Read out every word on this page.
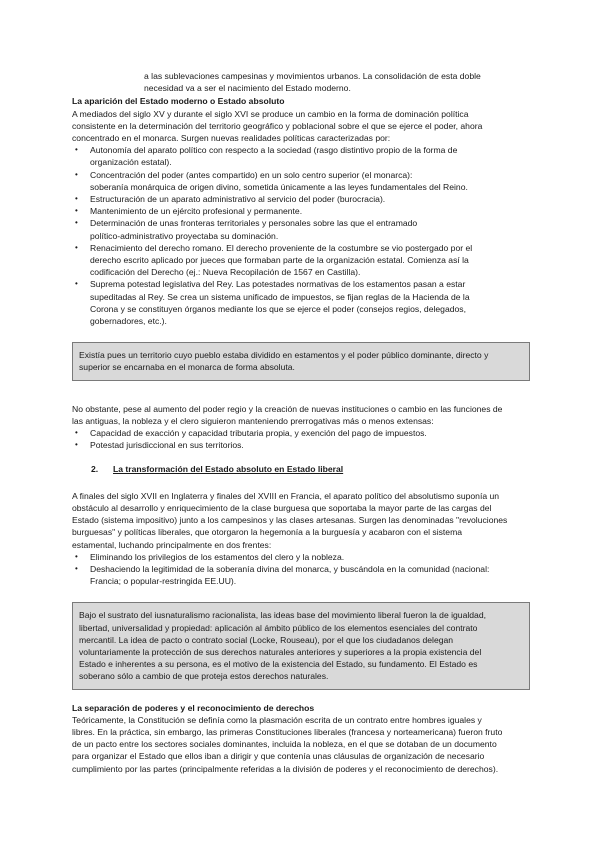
a las sublevaciones campesinas y movimientos urbanos. La consolidación de esta doble

necesidad va a ser el nacimiento del Estado moderno.

La aparición del Estado moderno o Estado absoluto

A mediados del siglo XV y durante el siglo XVI se produce un cambio en la forma de dominación política

consistente en la determinación del territorio geográfico y poblacional sobre el que se ejerce el poder, ahora

concentrado en el monarca. Surgen nuevas realidades políticas caracterizadas por:

• Autonomía del aparato político con respecto a la sociedad (rasgo distintivo propio de la forma de
organización estatal).
• Concentración del poder (antes compartido) en un solo centro superior (el monarca):
soberanía monárquica de origen divino, sometida únicamente a las leyes fundamentales del Reino.
• Estructuración de un aparato administrativo al servicio del poder (burocracia).
• Mantenimiento de un ejército profesional y permanente.
• Determinación de unas fronteras territoriales y personales sobre las que el entramado
político-administrativo proyectaba su dominación.
• Renacimiento del derecho romano. El derecho proveniente de la costumbre se vio postergado por el
derecho escrito aplicado por jueces que formaban parte de la organización estatal. Comienza así la
codificación del Derecho (ej.: Nueva Recopilación de 1567 en Castilla).
• Suprema potestad legislativa del Rey. Las potestades normativas de los estamentos pasan a estar
supeditadas al Rey. Se crea un sistema unificado de impuestos, se fijan reglas de la Hacienda de la
Corona y se constituyen órganos mediante los que se ejerce el poder (consejos regios, delegados,
gobernadores, etc.).

Existía pues un territorio cuyo pueblo estaba dividido en estamentos y el poder público dominante, directo y

superior se encarnaba en el monarca de forma absoluta.

No obstante, pese al aumento del poder regio y la creación de nuevas instituciones o cambio en las funciones de

las antiguas, la nobleza y el clero siguieron manteniendo prerrogativas más o menos extensas:

• Capacidad de exacción y capacidad tributaria propia, y exención del pago de impuestos.
• Potestad jurisdiccional en sus territorios.
2.	La transformación del Estado absoluto en Estado liberal

A finales del siglo XVII en Inglaterra y finales del XVIII en Francia, el aparato político del absolutismo suponía un

obstáculo al desarrollo y enriquecimiento de la clase burguesa que soportaba la mayor parte de las cargas del

Estado (sistema impositivo) junto a los campesinos y las clases artesanas. Surgen las denominadas "revoluciones

burguesas" y políticas liberales, que otorgaron la hegemonía a la burguesía y acabaron con el sistema

estamental, luchando principalmente en dos frentes:

• Eliminando los privilegios de los estamentos del clero y la nobleza.
• Deshaciendo la legitimidad de la soberanía divina del monarca, y buscándola en la comunidad (nacional:
Francia; o popular-restringida EE.UU).

Bajo el sustrato del iusnaturalismo racionalista, las ideas base del movimiento liberal fueron la de igualdad,

libertad, universalidad y propiedad: aplicación al ámbito público de los elementos esenciales del contrato

mercantil. La idea de pacto o contrato social (Locke, Rouseau), por el que los ciudadanos delegan

voluntariamente la protección de sus derechos naturales anteriores y superiores a la propia existencia del

Estado e inherentes a su persona, es el motivo de la existencia del Estado, su fundamento. El Estado es

soberano sólo a cambio de que proteja estos derechos naturales.

La separación de poderes y el reconocimiento de derechos

Teóricamente, la Constitución se definía como la plasmación escrita de un contrato entre hombres iguales y

libres. En la práctica, sin embargo, las primeras Constituciones liberales (francesa y norteamericana) fueron fruto

de un pacto entre los sectores sociales dominantes, incluida la nobleza, en el que se dotaban de un documento

para organizar el Estado que ellos iban a dirigir y que contenía unas cláusulas de organización de necesario

cumplimiento por las partes (principalmente referidas a la división de poderes y el reconocimiento de derechos).
